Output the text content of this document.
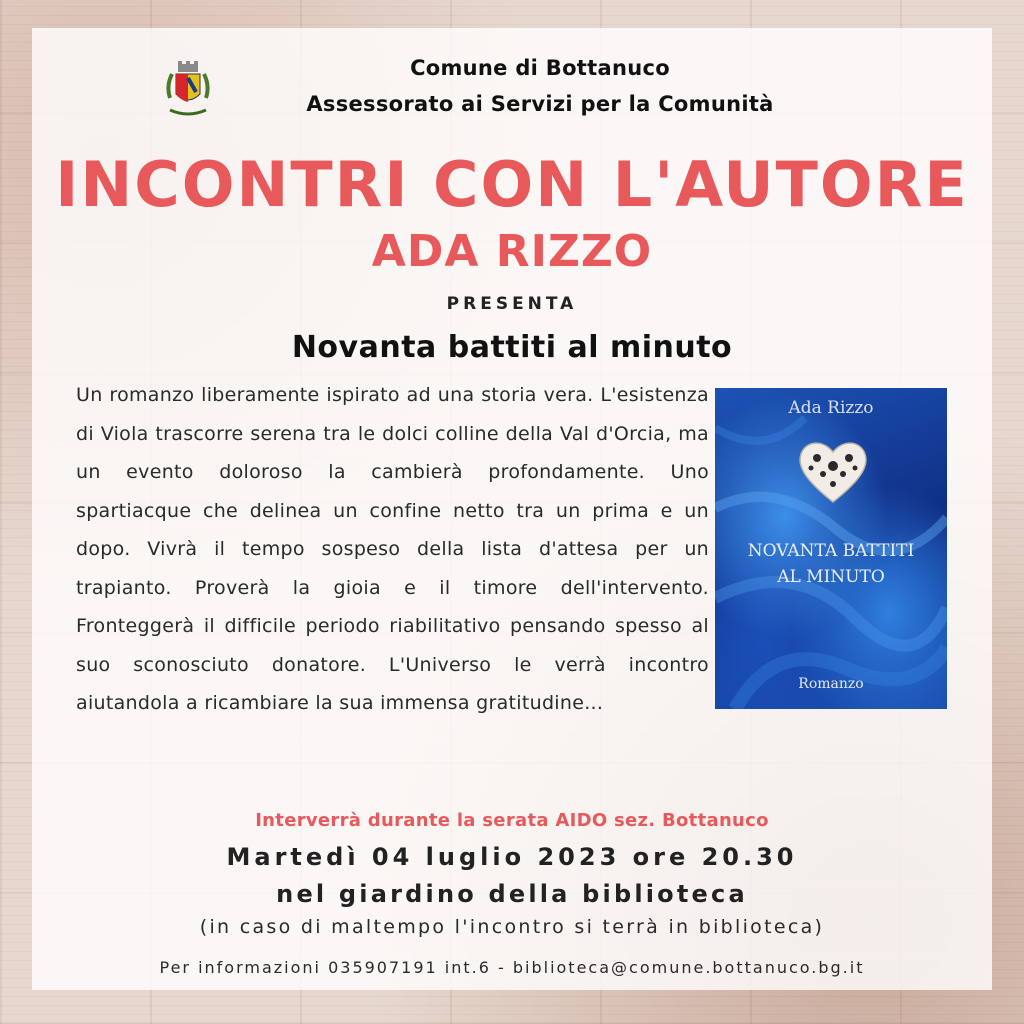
Comune di Bottanuco
Assessorato ai Servizi per la Comunità
INCONTRI CON L'AUTORE
ADA RIZZO
PRESENTA
Novanta battiti al minuto
Un romanzo liberamente ispirato ad una storia vera. L'esistenza di Viola trascorre serena tra le dolci colline della Val d'Orcia, ma un evento doloroso la cambierà profondamente. Uno spartiacque che delinea un confine netto tra un prima e un dopo. Vivrà il tempo sospeso della lista d'attesa per un trapianto. Proverà la gioia e il timore dell'intervento. Fronteggerà il difficile periodo riabilitativo pensando spesso al suo sconosciuto donatore. L'Universo le verrà incontro aiutandola a ricambiare la sua immensa gratitudine...
Ada Rizzo
NOVANTA BATTITI
AL MINUTO
Romanzo
Interverrà durante la serata AIDO sez. Bottanuco
Martedì 04 luglio 2023 ore 20.30
nel giardino della biblioteca
(in caso di maltempo l'incontro si terrà in biblioteca)
Per informazioni 035907191 int.6 - biblioteca@comune.bottanuco.bg.it
